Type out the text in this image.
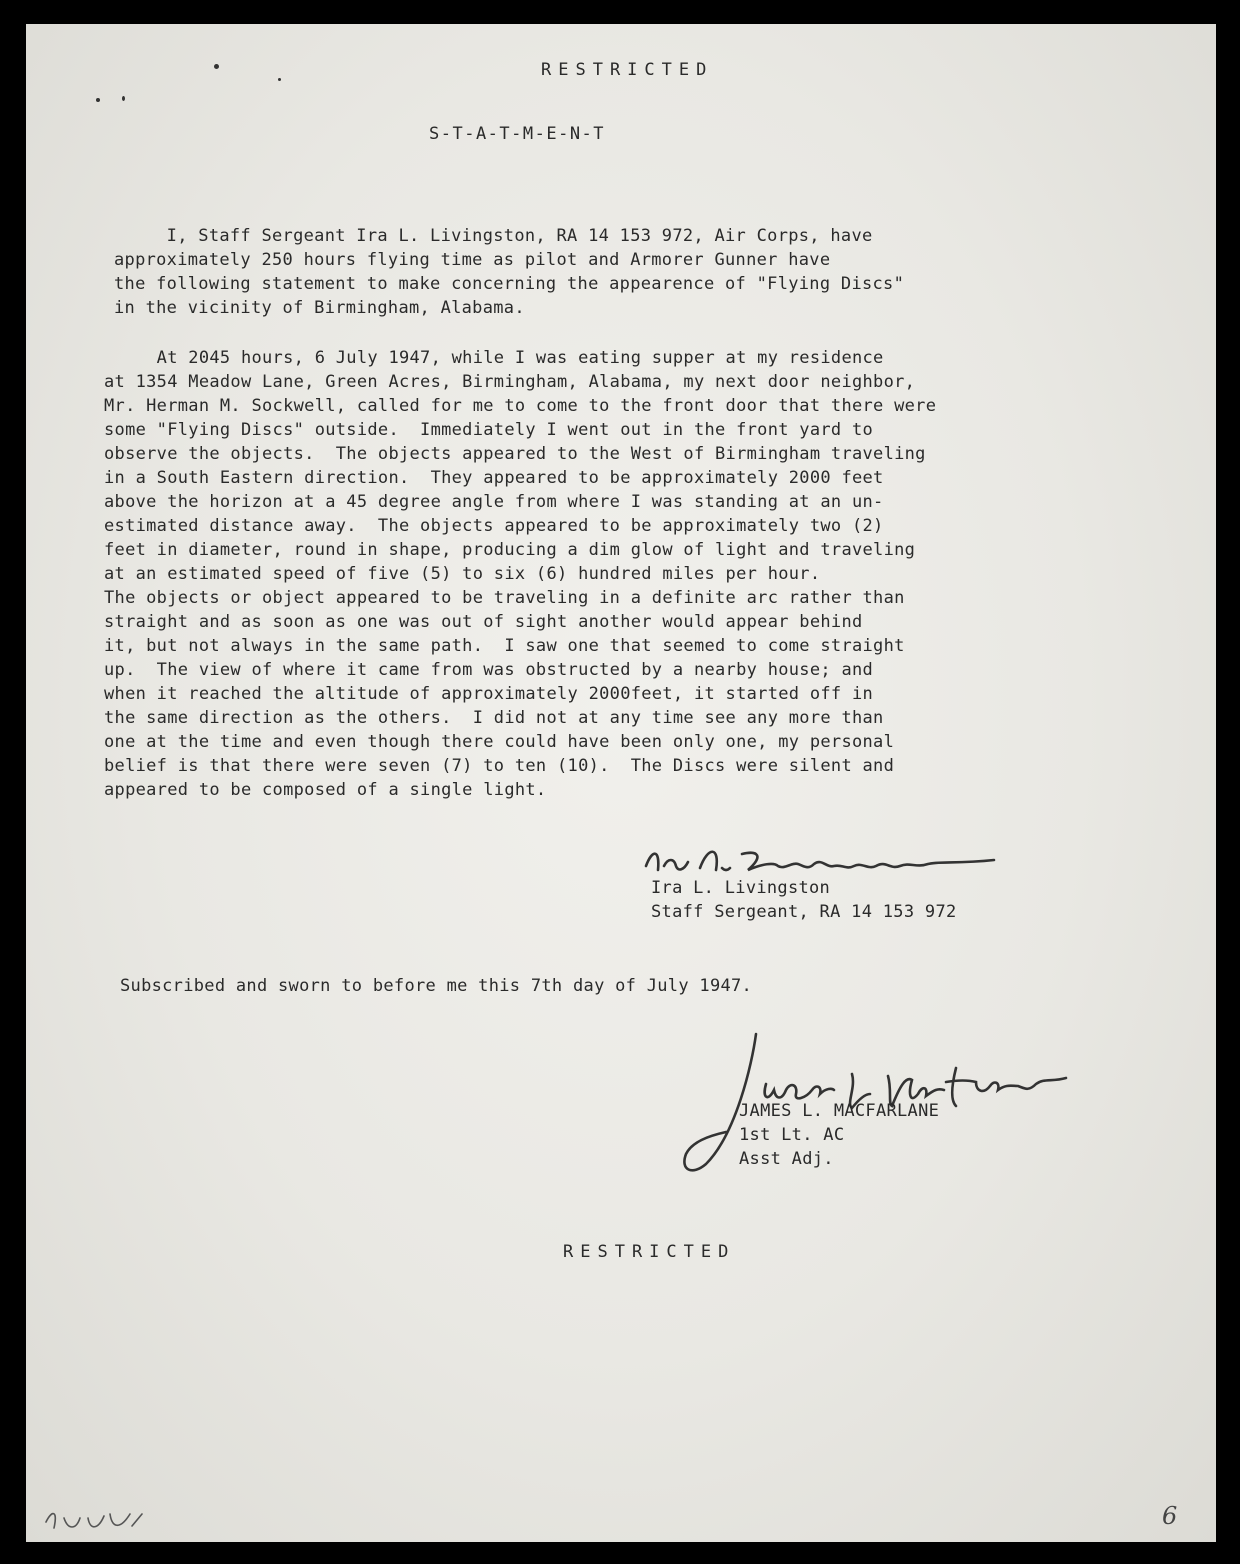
RESTRICTED
S-T-A-T-M-E-N-T
I, Staff Sergeant Ira L. Livingston, RA 14 153 972, Air Corps, have
approximately 250 hours flying time as pilot and Armorer Gunner have
the following statement to make concerning the appearence of "Flying Discs"
in the vicinity of Birmingham, Alabama.
At 2045 hours, 6 July 1947, while I was eating supper at my residence
at 1354 Meadow Lane, Green Acres, Birmingham, Alabama, my next door neighbor,
Mr. Herman M. Sockwell, called for me to come to the front door that there were
some "Flying Discs" outside.  Immediately I went out in the front yard to
observe the objects.  The objects appeared to the West of Birmingham traveling
in a South Eastern direction.  They appeared to be approximately 2000 feet
above the horizon at a 45 degree angle from where I was standing at an un-
estimated distance away.  The objects appeared to be approximately two (2)
feet in diameter, round in shape, producing a dim glow of light and traveling
at an estimated speed of five (5) to six (6) hundred miles per hour.
The objects or object appeared to be traveling in a definite arc rather than
straight and as soon as one was out of sight another would appear behind
it, but not always in the same path.  I saw one that seemed to come straight
up.  The view of where it came from was obstructed by a nearby house; and
when it reached the altitude of approximately 2000feet, it started off in
the same direction as the others.  I did not at any time see any more than
one at the time and even though there could have been only one, my personal
belief is that there were seven (7) to ten (10).  The Discs were silent and
appeared to be composed of a single light.
Ira L. Livingston
Staff Sergeant, RA 14 153 972
Subscribed and sworn to before me this 7th day of July 1947.
JAMES L. MACFARLANE
1st Lt. AC
Asst Adj.
RESTRICTED
6
